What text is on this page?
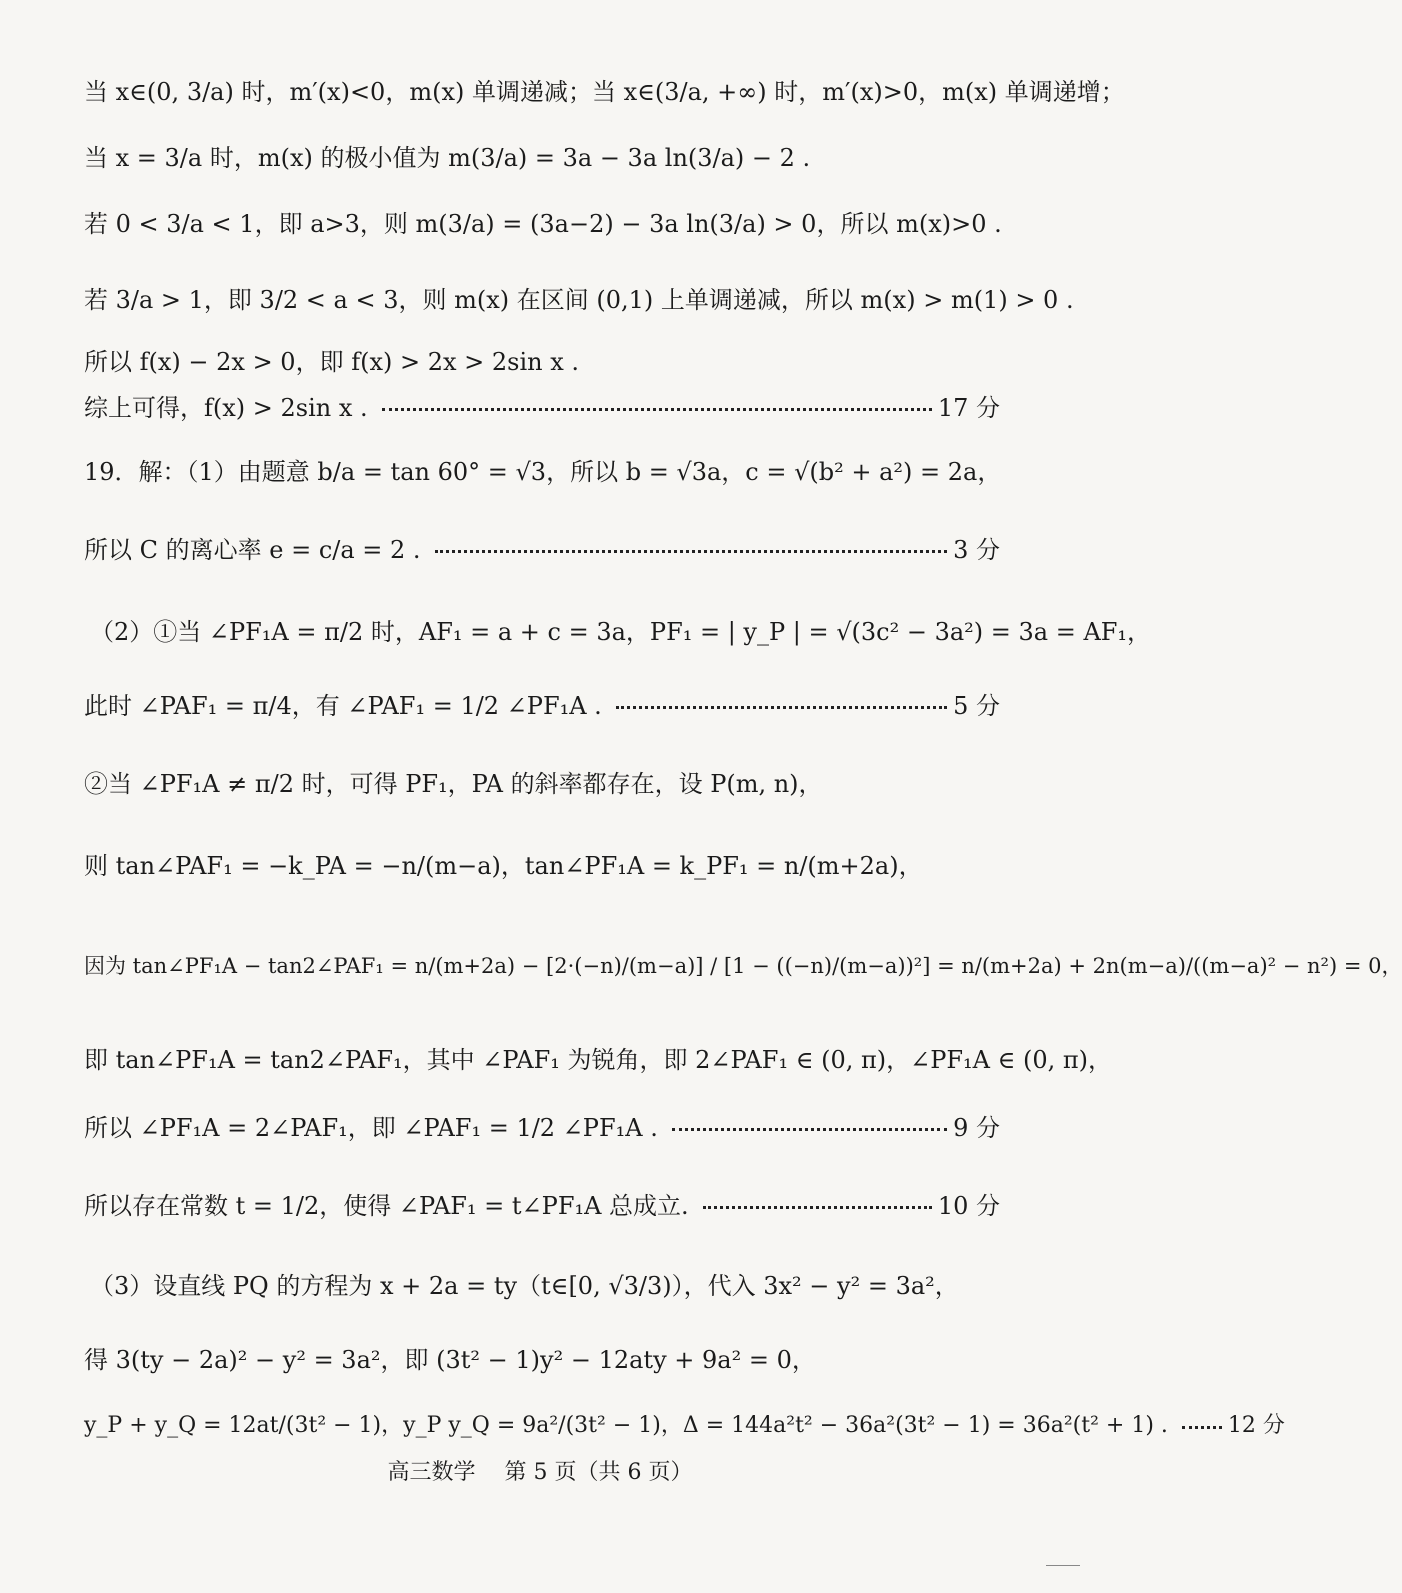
当 x∈(0, 3/a) 时，m′(x)<0，m(x) 单调递减；当 x∈(3/a, +∞) 时，m′(x)>0，m(x) 单调递增；
当 x = 3/a 时，m(x) 的极小值为 m(3/a) = 3a − 3a ln(3/a) − 2 .
若 0 < 3/a < 1，即 a>3，则 m(3/a) = (3a−2) − 3a ln(3/a) > 0，所以 m(x)>0 .
若 3/a > 1，即 3/2 < a < 3，则 m(x) 在区间 (0,1) 上单调递减，所以 m(x) > m(1) > 0 .
所以 f(x) − 2x > 0，即 f(x) > 2x > 2sin x .
综上可得，f(x) > 2sin x .	17 分
19．解：（1）由题意 b/a = tan 60° = √3，所以 b = √3a，c = √(b² + a²) = 2a，
所以 C 的离心率 e = c/a = 2 .	3 分
（2）①当 ∠PF₁A = π/2 时，AF₁ = a + c = 3a，PF₁ = | y_P | = √(3c² − 3a²) = 3a = AF₁，
此时 ∠PAF₁ = π/4，有 ∠PAF₁ = 1/2 ∠PF₁A .	5 分
②当 ∠PF₁A ≠ π/2 时，可得 PF₁，PA 的斜率都存在，设 P(m, n)，
则 tan∠PAF₁ = −k_PA = −n/(m−a)，tan∠PF₁A = k_PF₁ = n/(m+2a)，
因为 tan∠PF₁A − tan2∠PAF₁ = n/(m+2a) − [2·(−n)/(m−a)] / [1 − ((−n)/(m−a))²] = n/(m+2a) + 2n(m−a)/((m−a)² − n²) = 0，
即 tan∠PF₁A = tan2∠PAF₁，其中 ∠PAF₁ 为锐角，即 2∠PAF₁ ∈ (0, π)，∠PF₁A ∈ (0, π)，
所以 ∠PF₁A = 2∠PAF₁，即 ∠PAF₁ = 1/2 ∠PF₁A .	9 分
所以存在常数 t = 1/2，使得 ∠PAF₁ = t∠PF₁A 总成立.	10 分
（3）设直线 PQ 的方程为 x + 2a = ty（t∈[0, √3/3)），代入 3x² − y² = 3a²，
得 3(ty − 2a)² − y² = 3a²，即 (3t² − 1)y² − 12aty + 9a² = 0，
y_P + y_Q = 12at/(3t² − 1)，y_P y_Q = 9a²/(3t² − 1)，Δ = 144a²t² − 36a²(3t² − 1) = 36a²(t² + 1) .	12 分
高三数学　 第 5 页（共 6 页）
